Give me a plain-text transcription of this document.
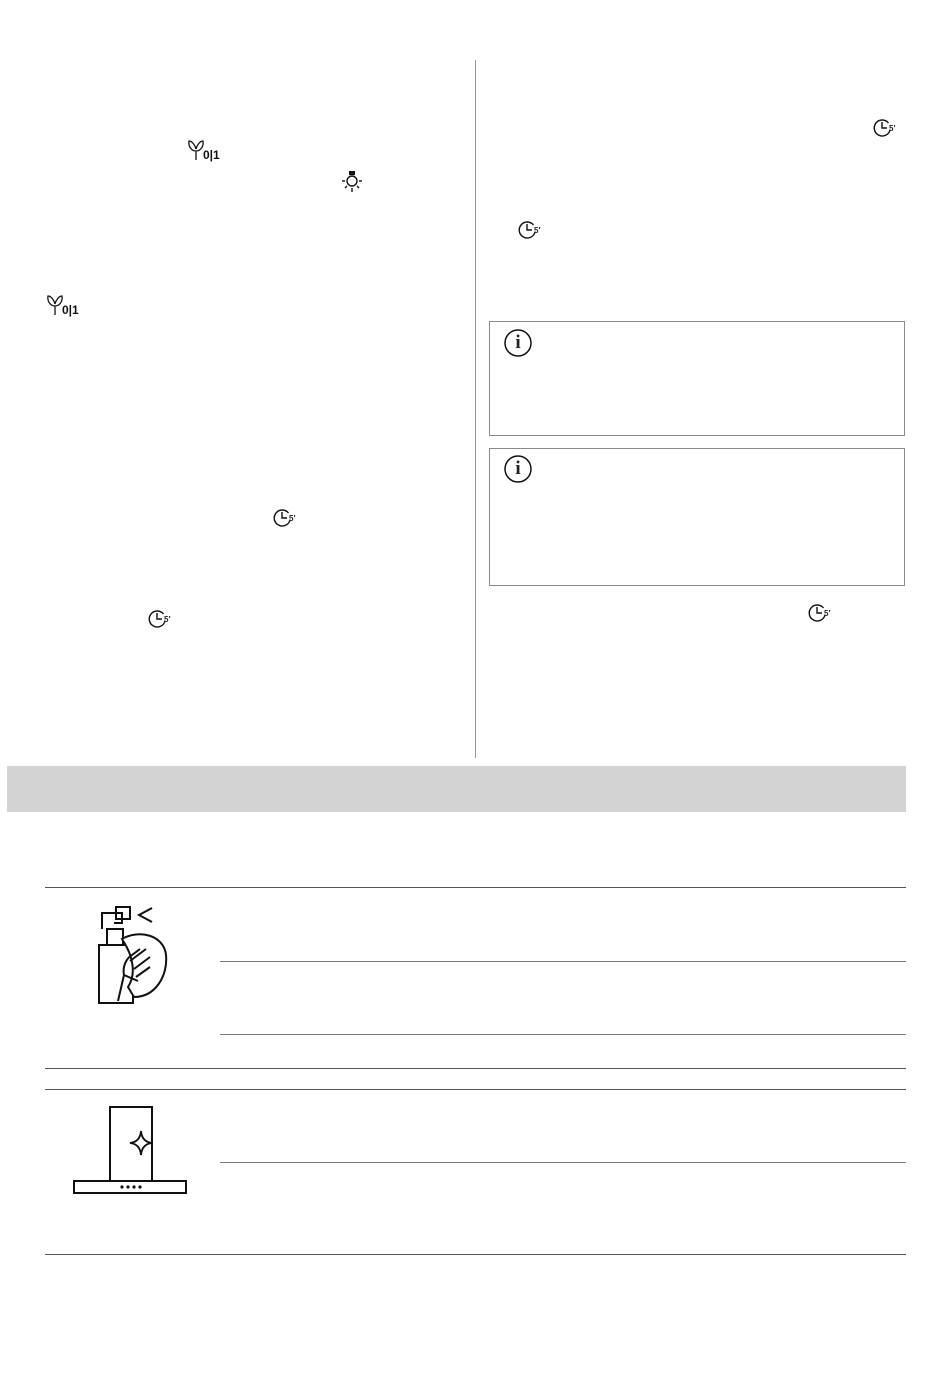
0|1
0|1
5′
5′
5′
5′
i
i
5′
